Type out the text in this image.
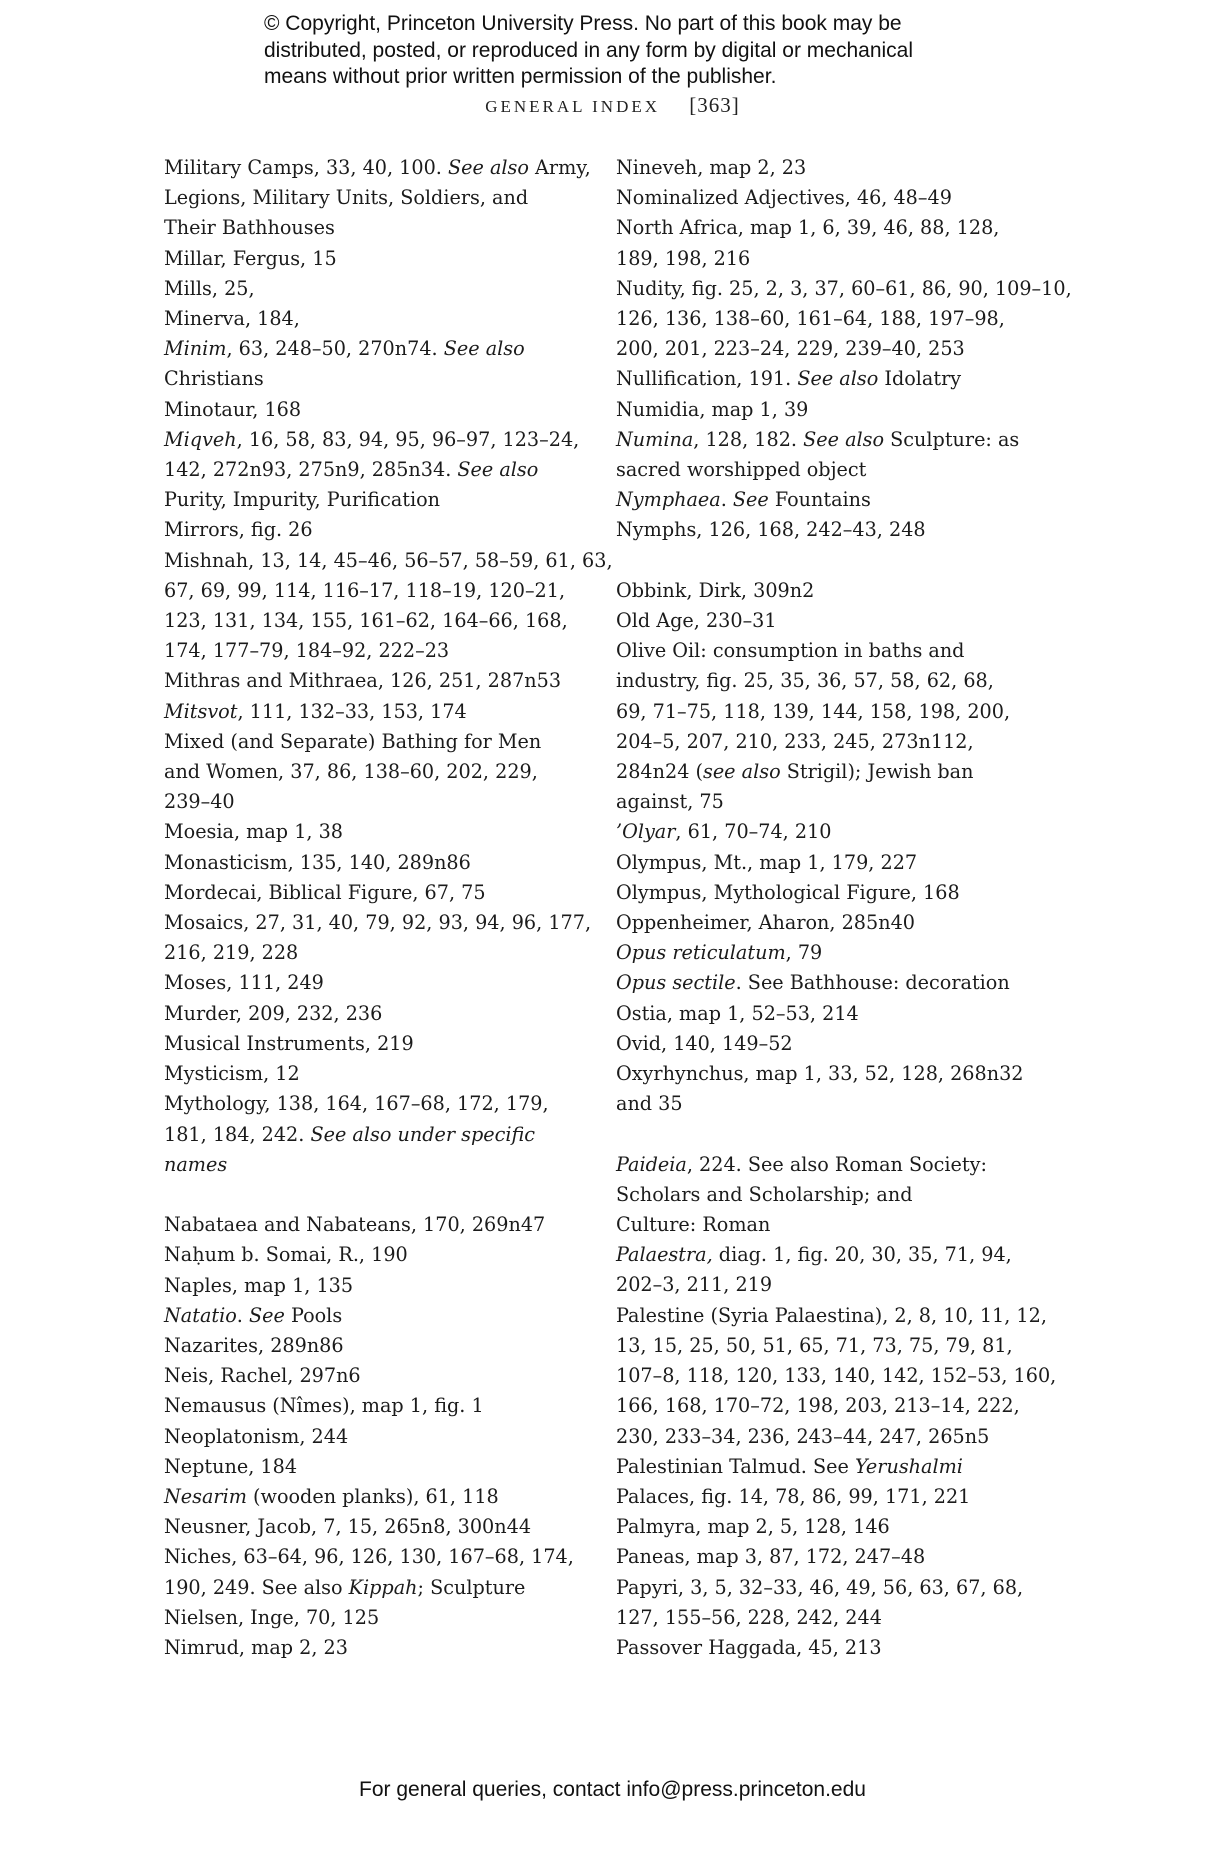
© Copyright, Princeton University Press. No part of this book may be
distributed, posted, or reproduced in any form by digital or mechanical
means without prior written permission of the publisher.
GENERAL INDEX [363]
Military Camps, 33, 40, 100. See also Army,
Legions, Military Units, Soldiers, and
Their Bathhouses
Millar, Fergus, 15
Mills, 25,
Minerva, 184,
Minim, 63, 248–50, 270n74. See also
Christians
Minotaur, 168
Miqveh, 16, 58, 83, 94, 95, 96–97, 123–24,
142, 272n93, 275n9, 285n34. See also
Purity, Impurity, Purification
Mirrors, fig. 26
Mishnah, 13, 14, 45–46, 56–57, 58–59, 61, 63,
67, 69, 99, 114, 116–17, 118–19, 120–21,
123, 131, 134, 155, 161–62, 164–66, 168,
174, 177–79, 184–92, 222–23
Mithras and Mithraea, 126, 251, 287n53
Mitsvot, 111, 132–33, 153, 174
Mixed (and Separate) Bathing for Men
and Women, 37, 86, 138–60, 202, 229,
239–40
Moesia, map 1, 38
Monasticism, 135, 140, 289n86
Mordecai, Biblical Figure, 67, 75
Mosaics, 27, 31, 40, 79, 92, 93, 94, 96, 177,
216, 219, 228
Moses, 111, 249
Murder, 209, 232, 236
Musical Instruments, 219
Mysticism, 12
Mythology, 138, 164, 167–68, 172, 179,
181, 184, 242. See also under specific
names
Nabataea and Nabateans, 170, 269n47
Naḥum b. Somai, R., 190
Naples, map 1, 135
Natatio. See Pools
Nazarites, 289n86
Neis, Rachel, 297n6
Nemausus (Nîmes), map 1, fig. 1
Neoplatonism, 244
Neptune, 184
Nesarim (wooden planks), 61, 118
Neusner, Jacob, 7, 15, 265n8, 300n44
Niches, 63–64, 96, 126, 130, 167–68, 174,
190, 249. See also Kippah; Sculpture
Nielsen, Inge, 70, 125
Nimrud, map 2, 23
Nineveh, map 2, 23
Nominalized Adjectives, 46, 48–49
North Africa, map 1, 6, 39, 46, 88, 128,
189, 198, 216
Nudity, fig. 25, 2, 3, 37, 60–61, 86, 90, 109–10,
126, 136, 138–60, 161–64, 188, 197–98,
200, 201, 223–24, 229, 239–40, 253
Nullification, 191. See also Idolatry
Numidia, map 1, 39
Numina, 128, 182. See also Sculpture: as
sacred worshipped object
Nymphaea. See Fountains
Nymphs, 126, 168, 242–43, 248
Obbink, Dirk, 309n2
Old Age, 230–31
Olive Oil: consumption in baths and
industry, fig. 25, 35, 36, 57, 58, 62, 68,
69, 71–75, 118, 139, 144, 158, 198, 200,
204–5, 207, 210, 233, 245, 273n112,
284n24 (see also Strigil); Jewish ban
against, 75
’Olyar, 61, 70–74, 210
Olympus, Mt., map 1, 179, 227
Olympus, Mythological Figure, 168
Oppenheimer, Aharon, 285n40
Opus reticulatum, 79
Opus sectile. See Bathhouse: decoration
Ostia, map 1, 52–53, 214
Ovid, 140, 149–52
Oxyrhynchus, map 1, 33, 52, 128, 268n32
and 35
Paideia, 224. See also Roman Society:
Scholars and Scholarship; and
Culture: Roman
Palaestra, diag. 1, fig. 20, 30, 35, 71, 94,
202–3, 211, 219
Palestine (Syria Palaestina), 2, 8, 10, 11, 12,
13, 15, 25, 50, 51, 65, 71, 73, 75, 79, 81,
107–8, 118, 120, 133, 140, 142, 152–53, 160,
166, 168, 170–72, 198, 203, 213–14, 222,
230, 233–34, 236, 243–44, 247, 265n5
Palestinian Talmud. See Yerushalmi
Palaces, fig. 14, 78, 86, 99, 171, 221
Palmyra, map 2, 5, 128, 146
Paneas, map 3, 87, 172, 247–48
Papyri, 3, 5, 32–33, 46, 49, 56, 63, 67, 68,
127, 155–56, 228, 242, 244
Passover Haggada, 45, 213
For general queries, contact info@press.princeton.edu
